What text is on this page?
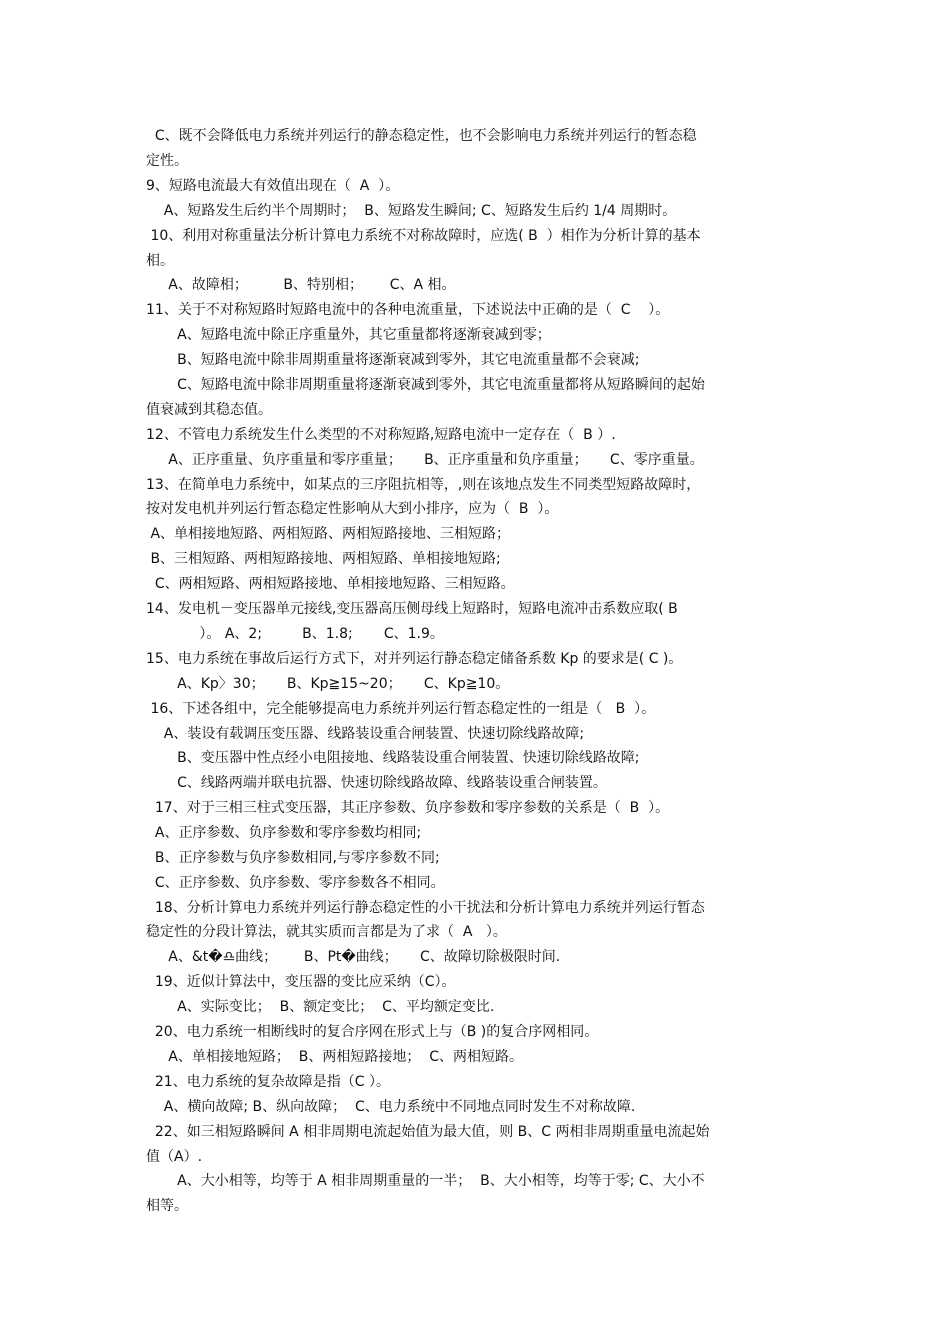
C、既不会降低电力系统并列运行的静态稳定性，也不会影响电力系统并列运行的暂态稳
定性。
9、短路电流最大有效值出现在（  A  ）。
A、短路发生后约半个周期时；  B、短路发生瞬间; C、短路发生后约 1/4 周期时。
10、利用对称重量法分析计算电力系统不对称故障时，应选( B  ）相作为分析计算的基本
相。
A、故障相；        B、特别相；      C、A 相。
11、关于不对称短路时短路电流中的各种电流重量，下述说法中正确的是（  C    ）。
A、短路电流中除正序重量外，其它重量都将逐渐衰减到零；
B、短路电流中除非周期重量将逐渐衰减到零外，其它电流重量都不会衰减;
C、短路电流中除非周期重量将逐渐衰减到零外，其它电流重量都将从短路瞬间的起始
值衰减到其稳态值。
12、不管电力系统发生什么类型的不对称短路,短路电流中一定存在（  B ）.
A、正序重量、负序重量和零序重量；     B、正序重量和负序重量；     C、零序重量。
13、在简单电力系统中，如某点的三序阻抗相等，,则在该地点发生不同类型短路故障时，
按对发电机并列运行暂态稳定性影响从大到小排序，应为（  B  ）。
A、单相接地短路、两相短路、两相短路接地、三相短路；
B、三相短路、两相短路接地、两相短路、单相接地短路;
C、两相短路、两相短路接地、单相接地短路、三相短路。
14、发电机－变压器单元接线,变压器高压侧母线上短路时，短路电流冲击系数应取( B
）。 A、2;         B、1.8;       C、1.9。
15、电力系统在事故后运行方式下，对并列运行静态稳定储备系数 Kp 的要求是( C )。
A、Kp〉30；     B、Kp≧15~20；     C、Kp≧10。
16、下述各组中，完全能够提高电力系统并列运行暂态稳定性的一组是（   B  ）。
A、装设有载调压变压器、线路装设重合闸装置、快速切除线路故障;
B、变压器中性点经小电阻接地、线路装设重合闸装置、快速切除线路故障;
C、线路两端并联电抗器、快速切除线路故障、线路装设重合闸装置。
17、对于三相三柱式变压器，其正序参数、负序参数和零序参数的关系是（  B  ）。
A、正序参数、负序参数和零序参数均相同;
B、正序参数与负序参数相同,与零序参数不同;
C、正序参数、负序参数、零序参数各不相同。
18、分析计算电力系统并列运行静态稳定性的小干扰法和分析计算电力系统并列运行暂态
稳定性的分段计算法，就其实质而言都是为了求（  A   ）。
A、&t�♎曲线；      B、Pt�曲线；     C、故障切除极限时间.
19、近似计算法中，变压器的变比应采纳（C）。
A、实际变比；  B、额定变比；  C、平均额定变比.
20、电力系统一相断线时的复合序网在形式上与（B )的复合序网相同。
A、单相接地短路；  B、两相短路接地；  C、两相短路。
21、电力系统的复杂故障是指（C ）。
A、横向故障; B、纵向故障；  C、电力系统中不同地点同时发生不对称故障.
22、如三相短路瞬间 A 相非周期电流起始值为最大值，则 B、C 两相非周期重量电流起始
值（A）.
A、大小相等，均等于 A 相非周期重量的一半；  B、大小相等，均等于零; C、大小不
相等。
